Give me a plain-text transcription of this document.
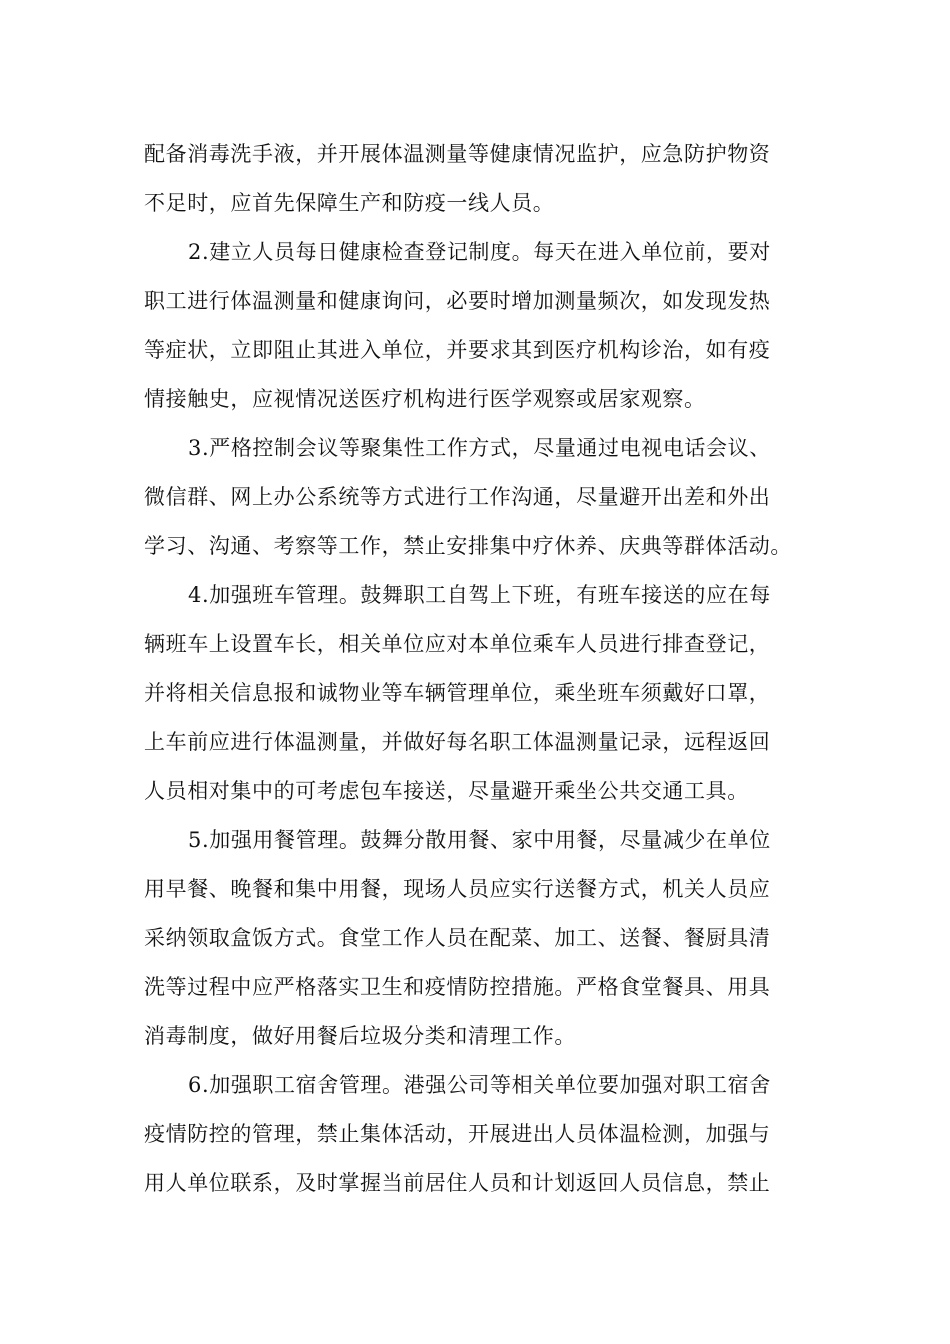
配备消毒洗手液，并开展体温测量等健康情况监护，应急防护物资
不足时，应首先保障生产和防疫一线人员。
2.建立人员每日健康检查登记制度。每天在进入单位前，要对
职工进行体温测量和健康询问，必要时增加测量频次，如发现发热
等症状，立即阻止其进入单位，并要求其到医疗机构诊治，如有疫
情接触史，应视情况送医疗机构进行医学观察或居家观察。
3.严格控制会议等聚集性工作方式，尽量通过电视电话会议、
微信群、网上办公系统等方式进行工作沟通，尽量避开出差和外出
学习、沟通、考察等工作，禁止安排集中疗休养、庆典等群体活动。
4.加强班车管理。鼓舞职工自驾上下班，有班车接送的应在每
辆班车上设置车长，相关单位应对本单位乘车人员进行排查登记，
并将相关信息报和诚物业等车辆管理单位，乘坐班车须戴好口罩，
上车前应进行体温测量，并做好每名职工体温测量记录，远程返回
人员相对集中的可考虑包车接送，尽量避开乘坐公共交通工具。
5.加强用餐管理。鼓舞分散用餐、家中用餐，尽量减少在单位
用早餐、晚餐和集中用餐，现场人员应实行送餐方式，机关人员应
采纳领取盒饭方式。食堂工作人员在配菜、加工、送餐、餐厨具清
洗等过程中应严格落实卫生和疫情防控措施。严格食堂餐具、用具
消毒制度，做好用餐后垃圾分类和清理工作。
6.加强职工宿舍管理。港强公司等相关单位要加强对职工宿舍
疫情防控的管理，禁止集体活动，开展进出人员体温检测，加强与
用人单位联系，及时掌握当前居住人员和计划返回人员信息，禁止
